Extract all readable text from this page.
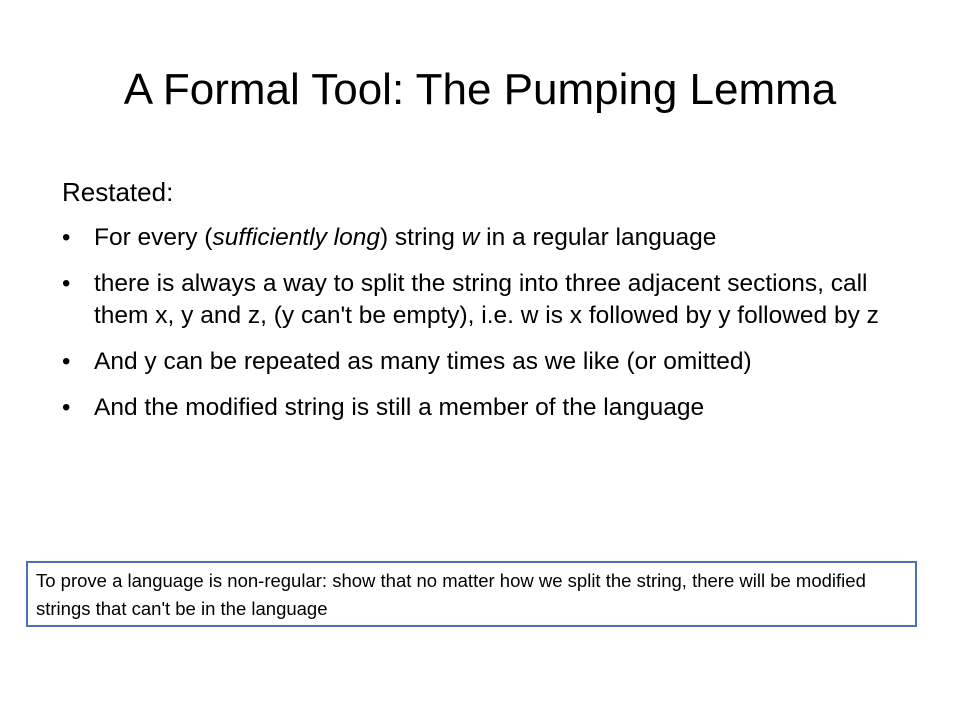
A Formal Tool: The Pumping Lemma

Restated:

• For every (sufficiently long) string w in a regular language
• there is always a way to split the string into three adjacent sections, call them x, y and z, (y can't be empty), i.e. w is x followed by y followed by z
• And y can be repeated as many times as we like (or omitted)
• And the modified string is still a member of the language
To prove a language is non-regular: show that no matter how we split the string, there will be modified strings that can't be in the language
